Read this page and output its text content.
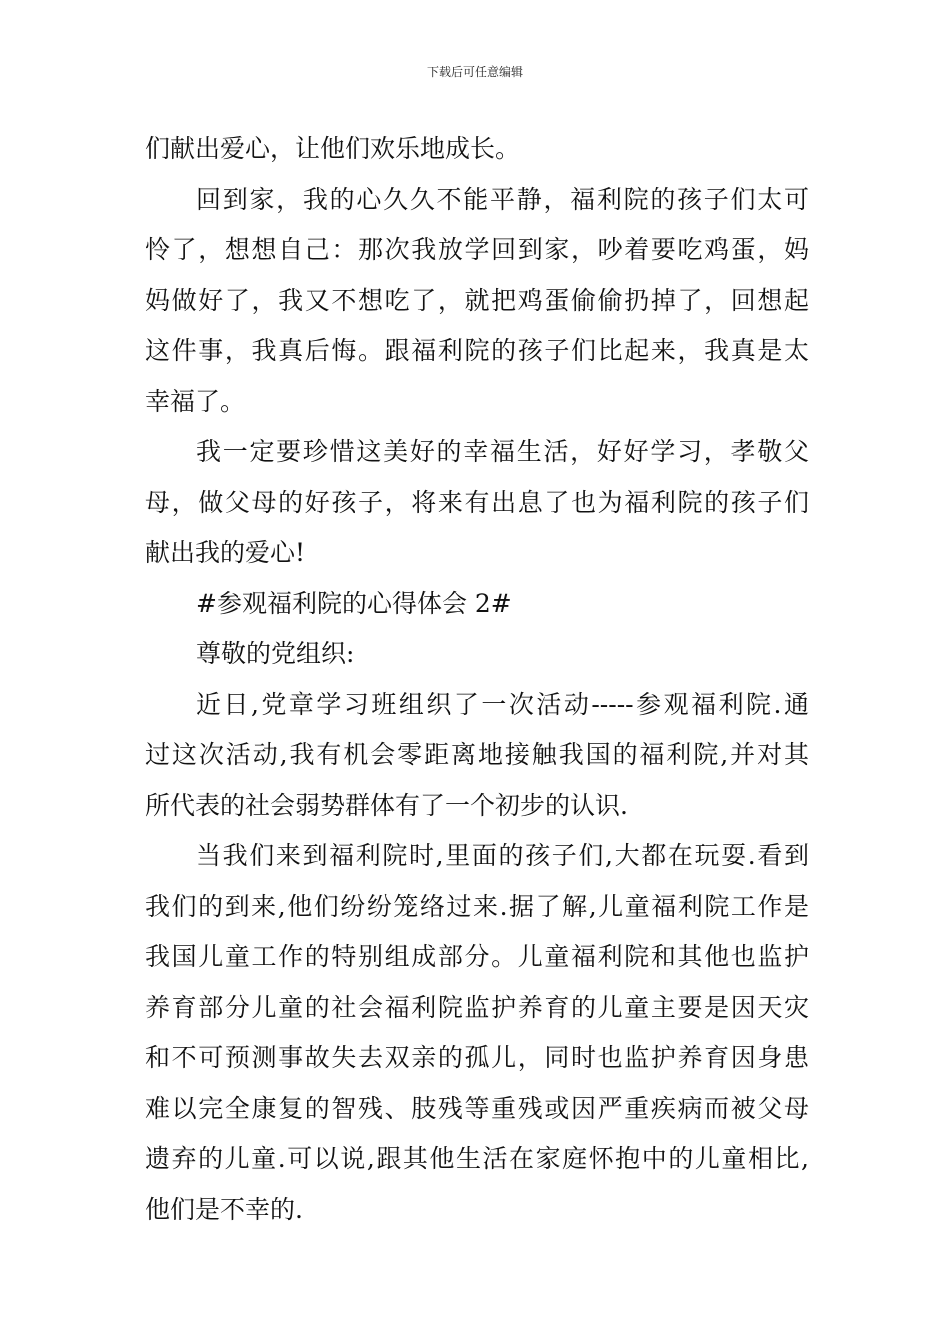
下载后可任意编辑
们献出爱心，让他们欢乐地成长。
回到家，我的心久久不能平静，福利院的孩子们太可
怜了，想想自己：那次我放学回到家，吵着要吃鸡蛋，妈
妈做好了，我又不想吃了，就把鸡蛋偷偷扔掉了，回想起
这件事，我真后悔。跟福利院的孩子们比起来，我真是太
幸福了。
我一定要珍惜这美好的幸福生活，好好学习，孝敬父
母，做父母的好孩子，将来有出息了也为福利院的孩子们
献出我的爱心!
#参观福利院的心得体会 2#
尊敬的党组织:
近日,党章学习班组织了一次活动-----参观福利院.通
过这次活动,我有机会零距离地接触我国的福利院,并对其
所代表的社会弱势群体有了一个初步的认识.
当我们来到福利院时,里面的孩子们,大都在玩耍.看到
我们的到来,他们纷纷笼络过来.据了解,儿童福利院工作是
我国儿童工作的特别组成部分。儿童福利院和其他也监护
养育部分儿童的社会福利院监护养育的儿童主要是因天灾
和不可预测事故失去双亲的孤儿，同时也监护养育因身患
难以完全康复的智残、肢残等重残或因严重疾病而被父母
遗弃的儿童.可以说,跟其他生活在家庭怀抱中的儿童相比,
他们是不幸的.
